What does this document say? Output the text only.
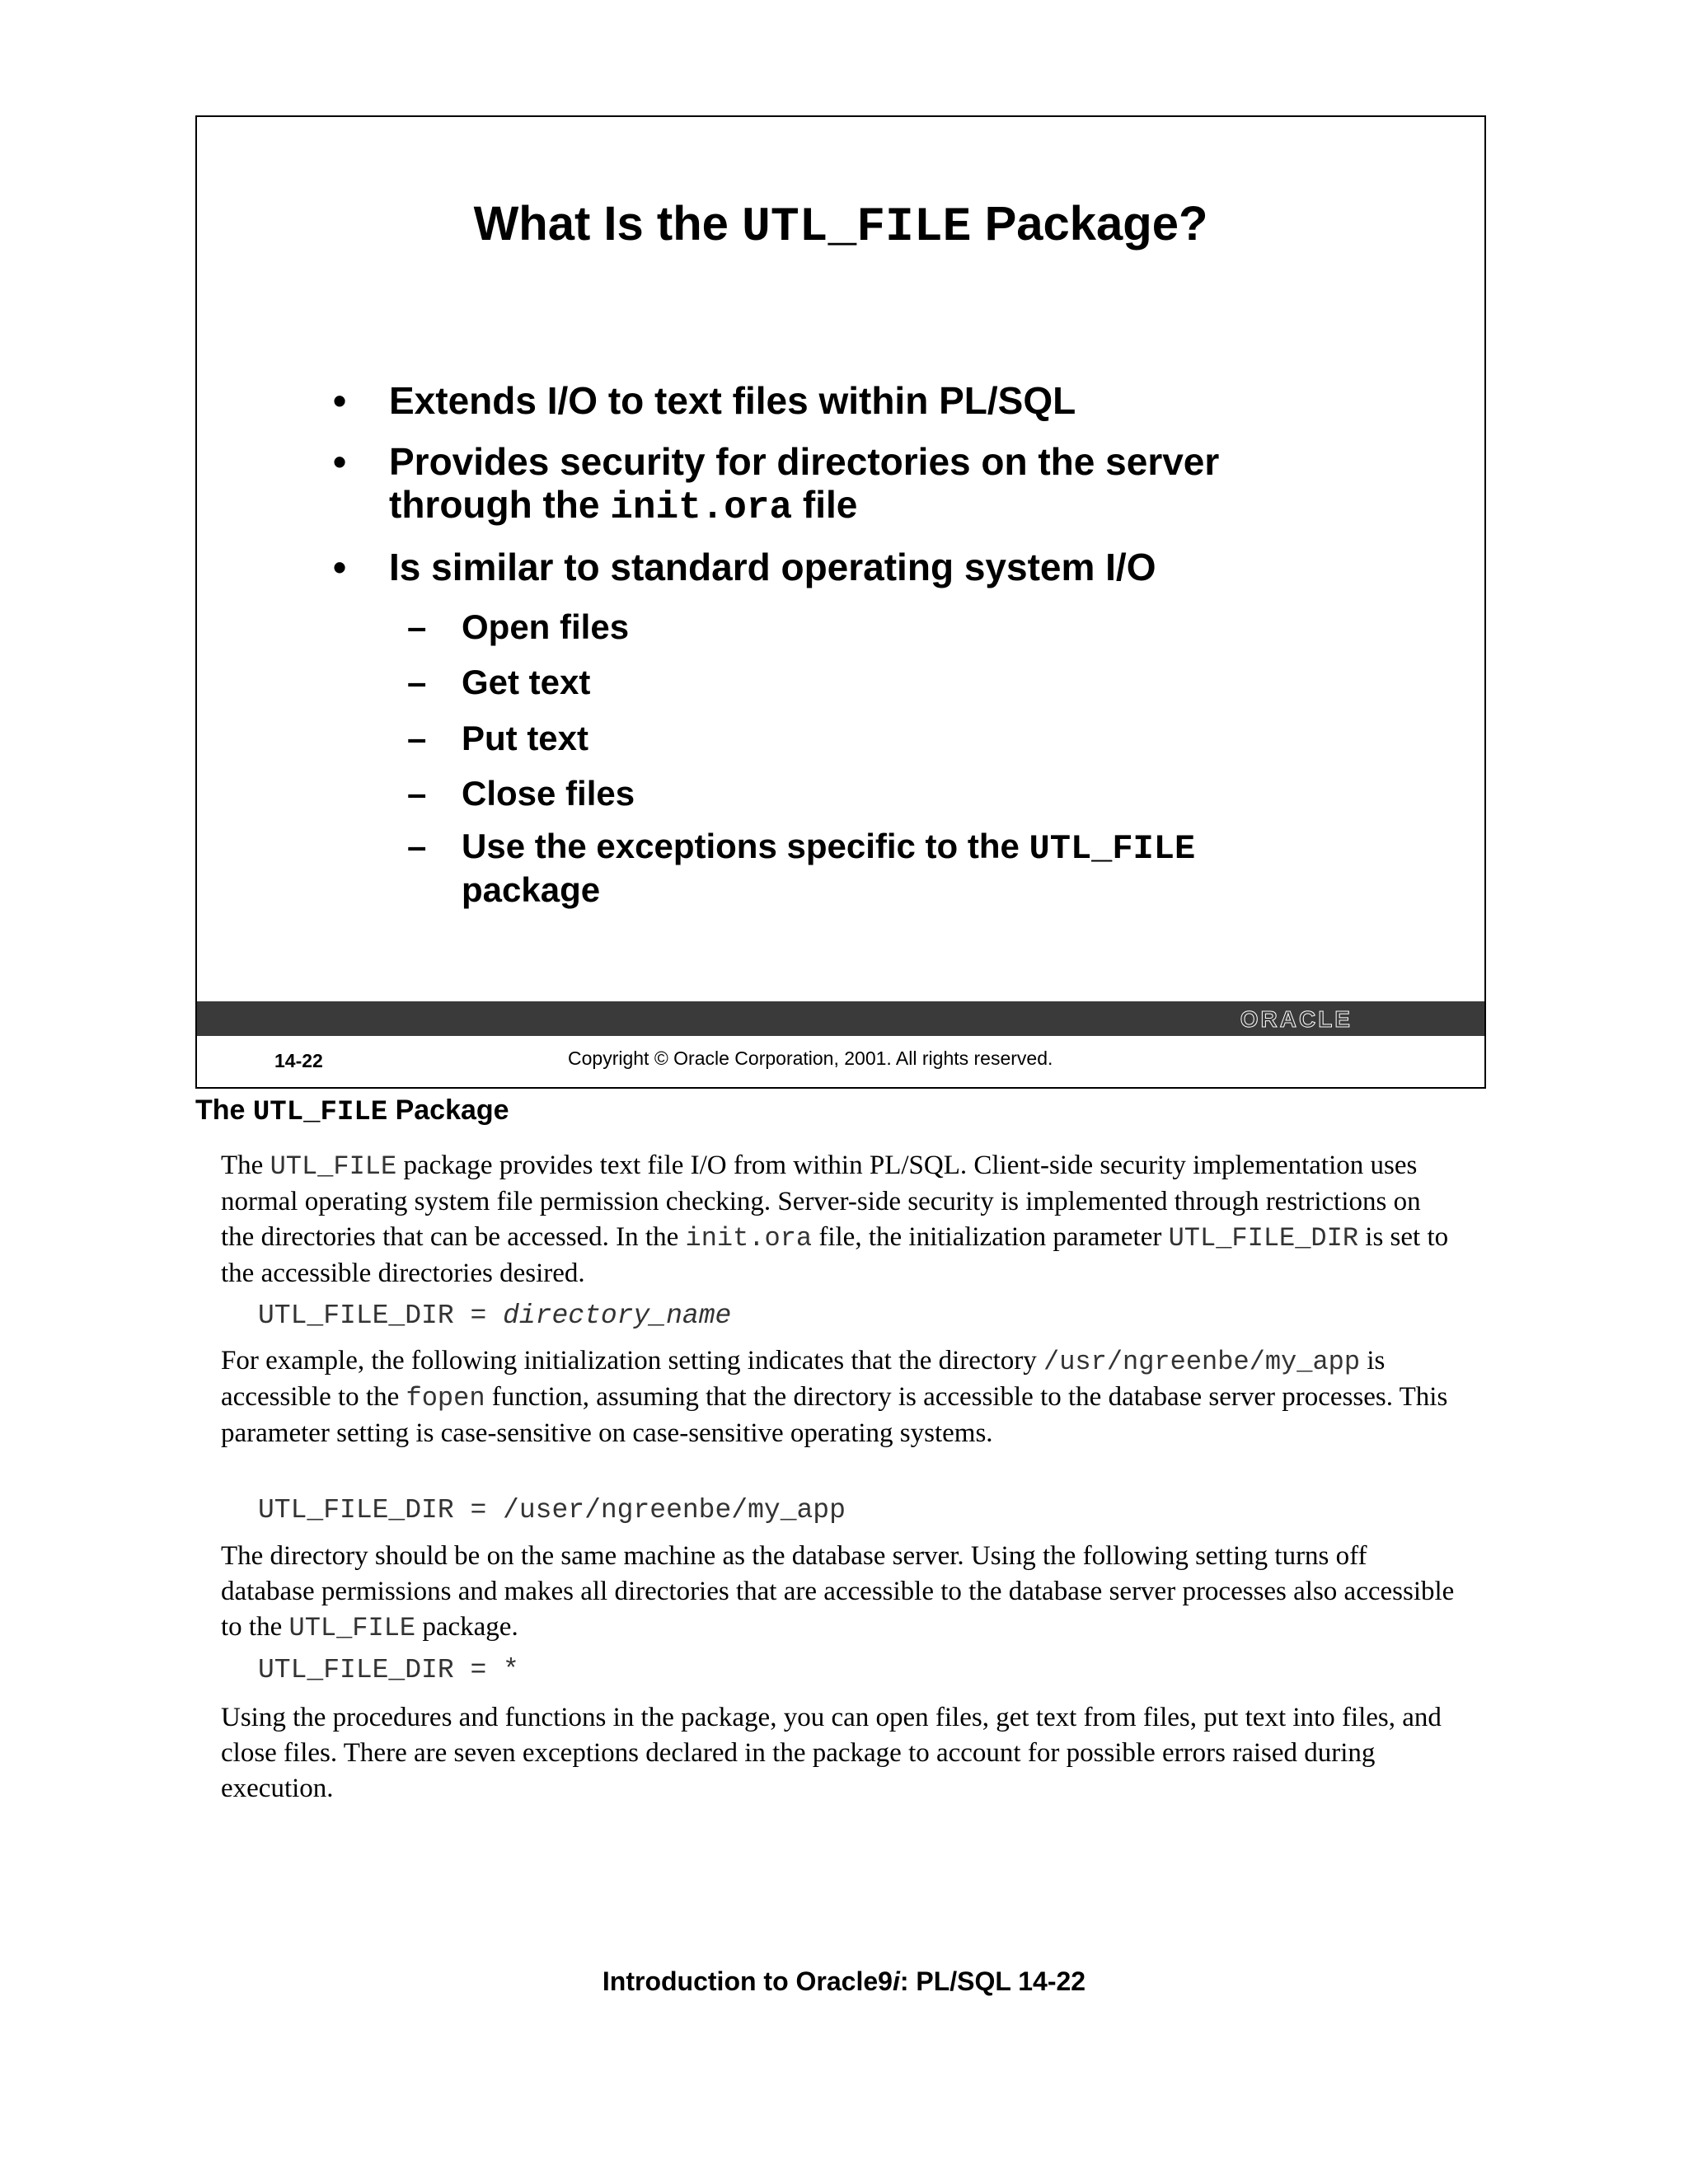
What Is the UTL_FILE Package?
• Extends I/O to text files within PL/SQL
• Provides security for directories on the server
through the init.ora file
• Is similar to standard operating system I/O
– Open files
– Get text
– Put text
– Close files
– Use the exceptions specific to the UTL_FILE
package
ORACLE
14-22	Copyright © Oracle Corporation, 2001. All rights reserved.
The UTL_FILE Package

The UTL_FILE package provides text file I/O from within PL/SQL. Client-side security implementation uses normal operating system file permission checking. Server-side security is implemented through restrictions on the directories that can be accessed. In the init.ora file, the initialization parameter UTL_FILE_DIR is set to the accessible directories desired.

UTL_FILE_DIR = directory_name

For example, the following initialization setting indicates that the directory /usr/ngreenbe/my_app is accessible to the fopen function, assuming that the directory is accessible to the database server processes. This parameter setting is case-sensitive on case-sensitive operating systems.

UTL_FILE_DIR = /user/ngreenbe/my_app

The directory should be on the same machine as the database server. Using the following setting turns off database permissions and makes all directories that are accessible to the database server processes also accessible to the UTL_FILE package.

UTL_FILE_DIR = *

Using the procedures and functions in the package, you can open files, get text from files, put text into files, and close files. There are seven exceptions declared in the package to account for possible errors raised during execution.

Introduction to Oracle9i: PL/SQL 14-22
